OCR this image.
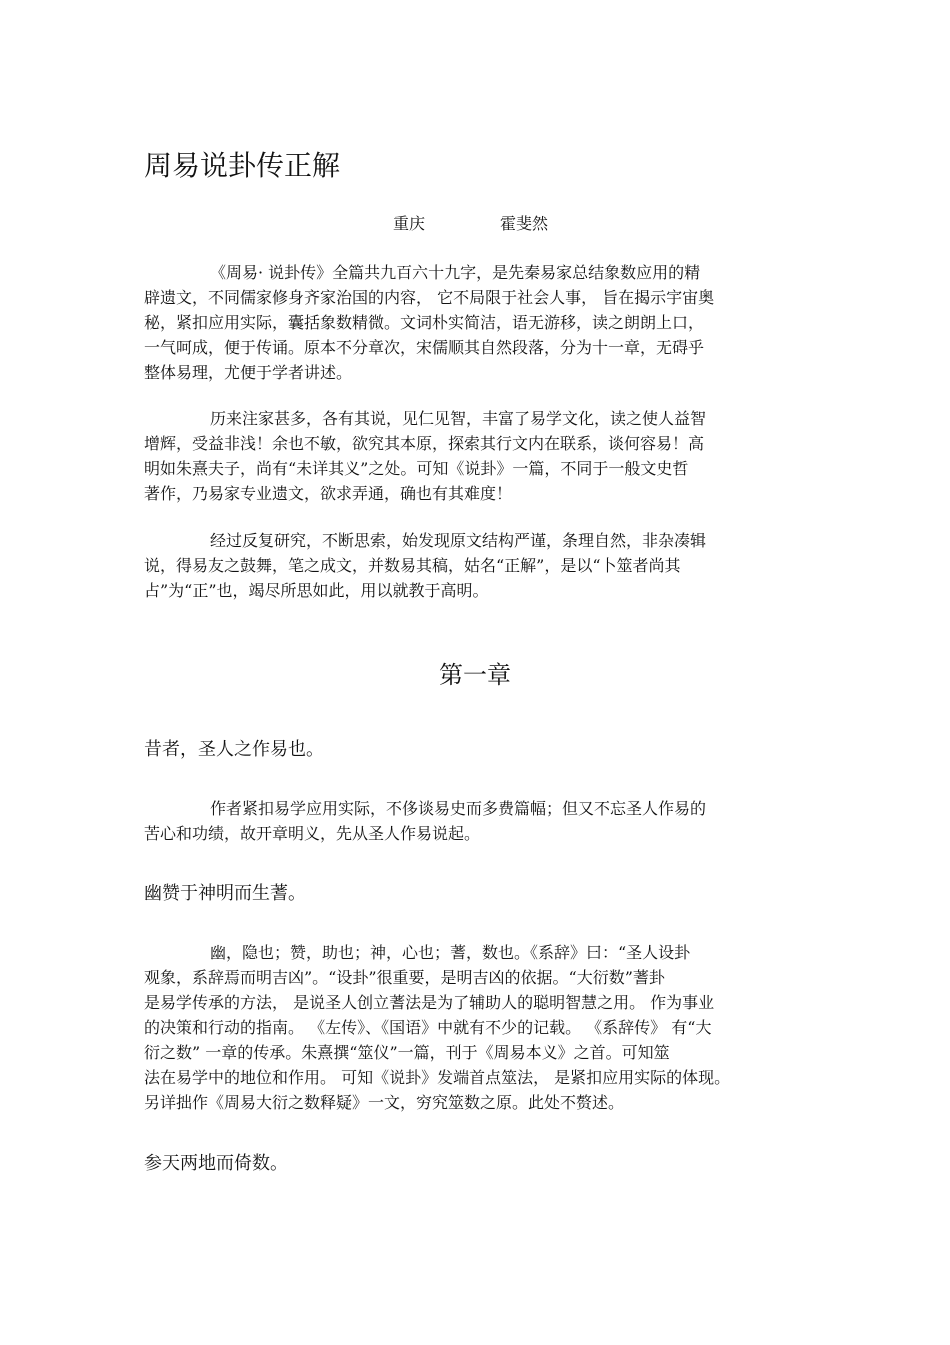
周易说卦传正解
重庆	霍斐然

《周易· 说卦传》全篇共九百六十九字，是先秦易家总结象数应用的精
辟遗文，不同儒家修身齐家治国的内容， 它不局限于社会人事， 旨在揭示宇宙奥
秘，紧扣应用实际，囊括象数精微。文词朴实简洁，语无游移，读之朗朗上口，
一气呵成，便于传诵。原本不分章次，宋儒顺其自然段落，分为十一章，无碍乎
整体易理，尤便于学者讲述。

历来注家甚多，各有其说，见仁见智，丰富了易学文化，读之使人益智
增辉，受益非浅！余也不敏，欲究其本原，探索其行文内在联系，谈何容易！高
明如朱熹夫子，尚有“未详其义”之处。可知《说卦》一篇，不同于一般文史哲
著作，乃易家专业遗文，欲求弄通，确也有其难度！

经过反复研究，不断思索，始发现原文结构严谨，条理自然，非杂凑辑
说，得易友之鼓舞，笔之成文，并数易其稿，姑名“正解”，是以“卜筮者尚其
占”为“正”也，竭尽所思如此，用以就教于高明。

第一章
昔者，圣人之作易也。

作者紧扣易学应用实际，不侈谈易史而多费篇幅；但又不忘圣人作易的
苦心和功绩，故开章明义，先从圣人作易说起。

幽赞于神明而生蓍。

幽，隐也；赞，助也；神，心也；蓍，数也。《系辞》曰：“圣人设卦
观象，系辞焉而明吉凶”。“设卦”很重要，是明吉凶的依据。“大衍数”蓍卦
是易学传承的方法， 是说圣人创立蓍法是为了辅助人的聪明智慧之用。 作为事业
的决策和行动的指南。 《左传》、《国语》中就有不少的记载。 《系辞传》 有“大
衍之数” 一章的传承。朱熹撰“筮仪”一篇，刊于《周易本义》之首。可知筮
法在易学中的地位和作用。 可知《说卦》发端首点筮法， 是紧扣应用实际的体现。
另详拙作《周易大衍之数释疑》一文，穷究筮数之原。此处不赘述。

参天两地而倚数。
